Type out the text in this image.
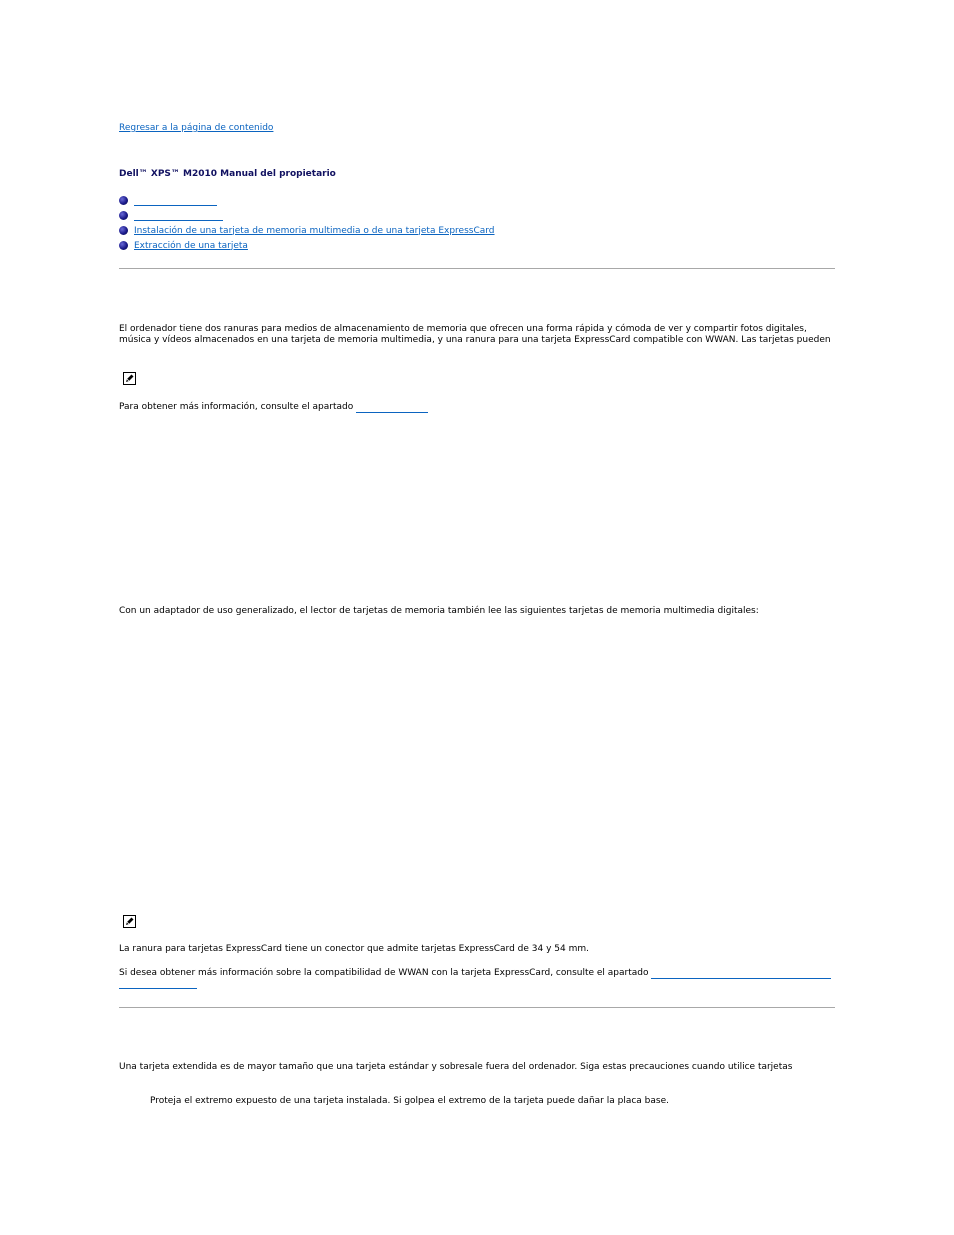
Regresar a la página de contenido
Dell™ XPS™ M2010 Manual del propietario
Instalación de una tarjeta de memoria multimedia o de una tarjeta ExpressCard
Extracción de una tarjeta

El ordenador tiene dos ranuras para medios de almacenamiento de memoria que ofrecen una forma rápida y cómoda de ver y compartir fotos digitales, música y vídeos almacenados en una tarjeta de memoria multimedia, y una ranura para una tarjeta ExpressCard compatible con WWAN. Las tarjetas pueden

Para obtener más información, consulte el apartado

Con un adaptador de uso generalizado, el lector de tarjetas de memoria también lee las siguientes tarjetas de memoria multimedia digitales:

La ranura para tarjetas ExpressCard tiene un conector que admite tarjetas ExpressCard de 34 y 54 mm.

Si desea obtener más información sobre la compatibilidad de WWAN con la tarjeta ExpressCard, consulte el apartado

Una tarjeta extendida es de mayor tamaño que una tarjeta estándar y sobresale fuera del ordenador. Siga estas precauciones cuando utilice tarjetas

Proteja el extremo expuesto de una tarjeta instalada. Si golpea el extremo de la tarjeta puede dañar la placa base.
